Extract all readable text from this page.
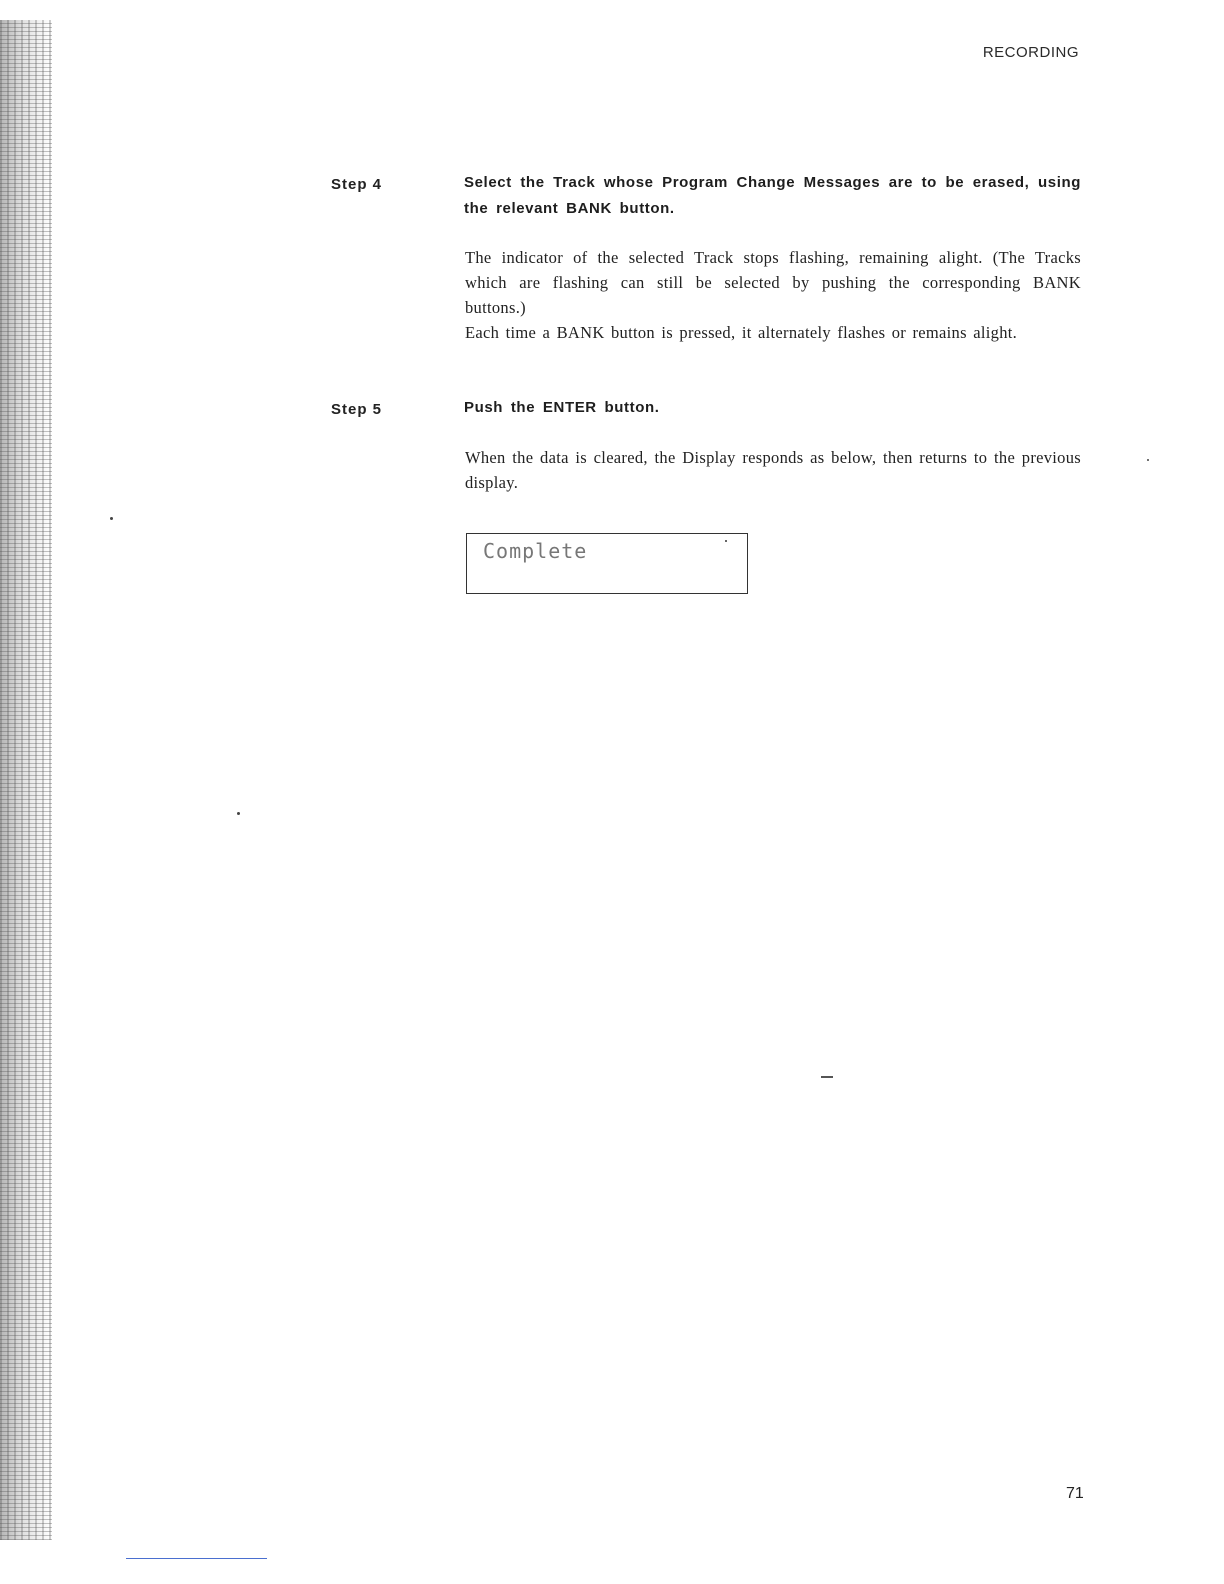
RECORDING
Step 4	Select the Track whose Program Change Messages are to be erased, using the relevant BANK button.

The indicator of the selected Track stops flashing, remaining alight. (The Tracks which are flashing can still be selected by pushing the corresponding BANK buttons.)

Each time a BANK button is pressed, it alternately flashes or remains alight.

Step 5	Push the ENTER button.

When the data is cleared, the Display responds as below, then returns to the previous display.

Complete
71
